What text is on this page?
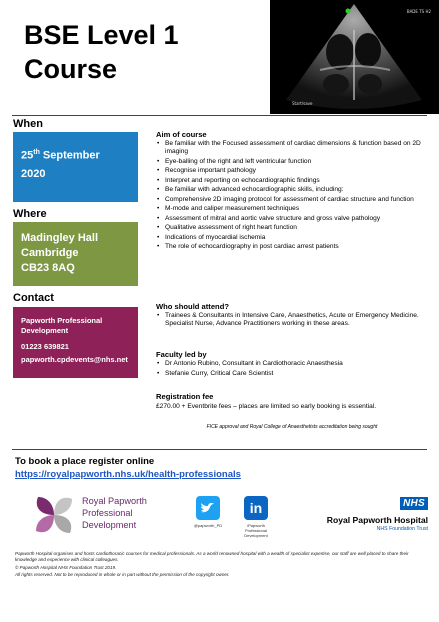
BSE Level 1
Course
BADE TS H2
Start/save
When
25th September
2020
Where
Madingley Hall
Cambridge
CB23 8AQ
Contact
Papworth Professional
Development
01223 639821
papworth.cpdevents@nhs.net
Aim of course
• Be familiar with the Focused assessment of cardiac dimensions & function based on 2D imaging
• Eye-balling of the right and left ventricular function
• Recognise important pathology
• Interpret and reporting on echocardiographic findings
• Be familiar with advanced echocardiographic skills, including:
• Comprehensive 2D imaging protocol for assessment of cardiac structure and function
• M-mode and caliper measurement techniques
• Assessment of mitral and aortic valve structure and gross valve pathology
• Qualitative assessment of right heart function
• Indications of myocardial ischemia
• The role of echocardiography in post cardiac arrest patients
Who should attend?
• Trainees & Consultants in Intensive Care, Anaesthetics, Acute or Emergency Medicine. Specialist Nurse, Advance Practitioners working in these areas.
Faculty led by
• Dr Antonio Rubino, Consultant in Cardiothoracic Anaesthesia
• Stefanie Curry, Critical Care Scientist
Registration fee
£270.00 + Eventbrite fees – places are limited so early booking is essential.
FICE approval and Royal College of Anaesthetists accreditation being sought
To book a place register online
https://royalpapworth.nhs.uk/health-professionals
Royal Papworth
Professional
Development	@papworth_PD
in
/Papworth Professional
Development
NHS
Royal Papworth Hospital
NHS Foundation Trust

Papworth Hospital organises and hosts cardiothoracic courses for medical professionals. As a world renowned hospital with a wealth of specialist expertise, our staff are well placed to share their knowledge and experience with clinical colleagues.

© Papworth Hospital NHS Foundation Trust 2019.

All rights reserved. Not to be reproduced in whole or in part without the permission of the copyright owner.
